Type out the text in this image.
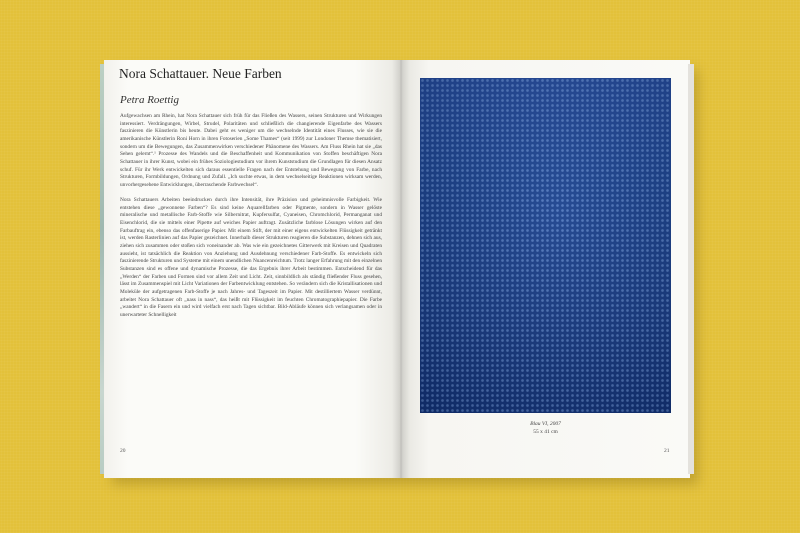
Nora Schattauer. Neue Farben
Petra Roettig

Aufgewachsen am Rhein, hat Nora Schattauer sich früh für das Fließen des Wassers, seinen Strukturen und Wirkungen interessiert. Verdrängungen, Wirbel, Strudel, Polaritäten und schließlich die changierende Eigenfarbe des Wassers faszinieren die Künstlerin bis heute. Dabei geht es weniger um die wechselnde Identität eines Flusses, wie sie die amerikanische Künstlerin Roni Horn in ihren Fotoserien „Some Thames“ (seit 1999) zur Londoner Themse thematisiert, sondern um die Bewegungen, das Zusammenwirken verschiedener Phänomene des Wassers. Am Fluss Rhein hat sie „das Sehen gelernt“.¹ Prozesse des Wandels und die Beschaffenheit und Kommunikation von Stoffen beschäftigen Nora Schattauer in ihrer Kunst, wobei ein frühes Soziologiestudium vor ihrem Kunststudium die Grundlagen für diesen Ansatz schuf. Für ihr Werk entwickelten sich daraus essentielle Fragen nach der Entstehung und Bewegung von Farbe, nach Strukturen, Formbildungen, Ordnung und Zufall. „Ich suchte etwas, in dem wechselseitige Reaktionen wirksam werden, unvorhergesehene Entwicklungen, überraschende Farbwechsel“.

Nora Schattauers Arbeiten beeindrucken durch ihre Intensität, ihre Präzision und geheimnisvolle Farbigkeit. Wie entstehen diese „gewonnene Farben“? Es sind keine Aquarellfarben oder Pigmente, sondern in Wasser gelöste mineralische und metallische Farb-Stoffe wie Silbernitrat, Kupfersulfat, Cyaneisen, Chromchlorid, Permanganat und Eisenchlorid, die sie mittels einer Pipette auf weiches Papier auftragt. Zusätzliche farblose Lösungen wirken auf den Farbauftrag ein, ebenso das offenfaserige Papier. Mit einem Stift, der mit einer eigens entwickelten Flüssigkeit getränkt ist, werden Rasterlinien auf das Papier gezeichnet. Innerhalb dieser Strukturen reagieren die Substanzen, dehnen sich aus, ziehen sich zusammen oder stoßen sich voneinander ab. Was wie ein gezeichnetes Gitterwerk mit Kreisen und Quadraten aussieht, ist tatsächlich die Reaktion von Anziehung und Ausdehnung verschiedener Farb-Stoffe. Es entwickeln sich faszinierende Strukturen und Systeme mit einem unendlichen Nuancenreichtum. Trotz langer Erfahrung mit den einzelnen Substanzen sind es offene und dynamische Prozesse, die das Ergebnis ihrer Arbeit bestimmen. Entscheidend für das „Werden“ der Farben und Formen sind vor allem Zeit und Licht. Zeit, sinnbildlich als ständig fließender Fluss gesehen, lässt im Zusammenspiel mit Licht Variationen der Farbentwicklung entstehen. So verändern sich die Kristallisationen und Moleküle der aufgetragenen Farb-Stoffe je nach Jahres- und Tageszeit im Papier. Mit destilliertem Wasser verdünnt, arbeitet Nora Schattauer oft „nass in nass“, das heißt mit Flüssigkeit im feuchten Chromatographiepapier. Die Farbe „wandert“ in die Fasern ein und wird vielfach erst nach Tagen sichtbar. Bild-Abläufe können sich verlangsamen oder in unerwarteter Schnelligkeit

20
Blau VI, 2007
55 x 41 cm
21
